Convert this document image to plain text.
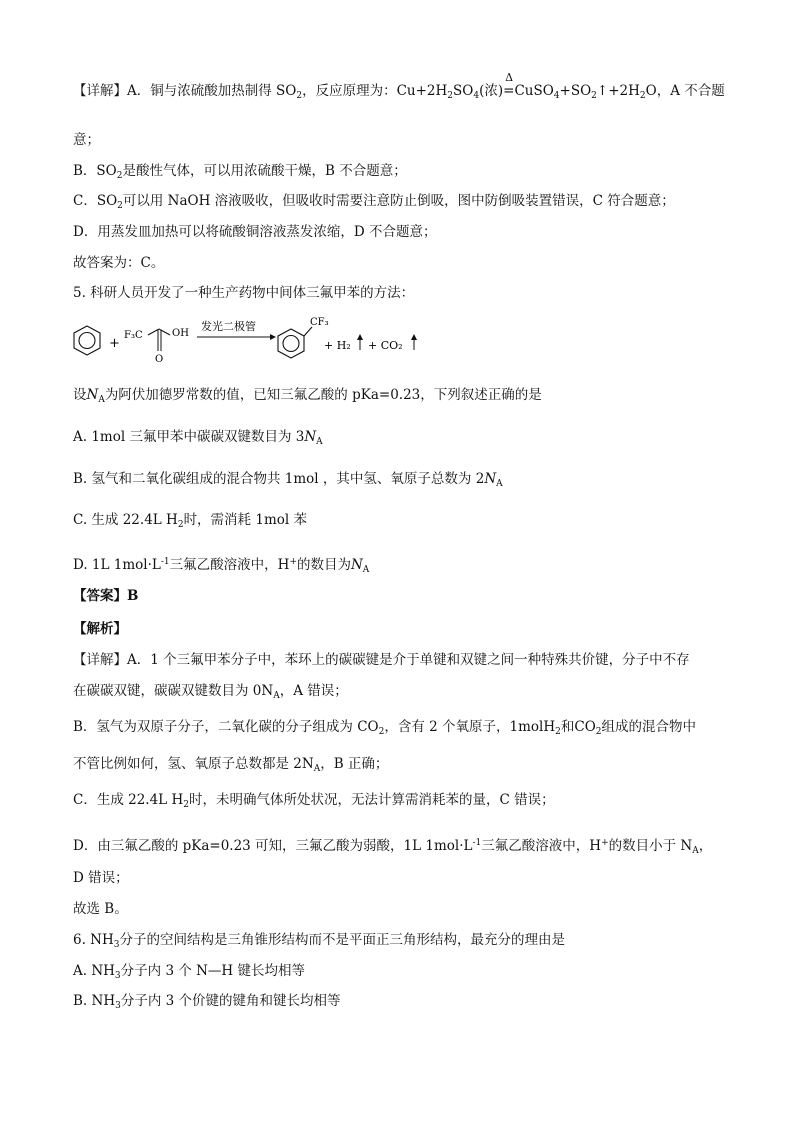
【详解】A．铜与浓硫酸加热制得 $SO_2$，反应原理为：$Cu+2H_2SO_4$(浓)
Δ
$=CuSO_4+SO_2↑+2H_2O$，A 不合题
意；
B．$SO_2$是酸性气体，可以用浓硫酸干燥，B 不合题意；
C．$SO_2$可以用 NaOH 溶液吸收，但吸收时需要注意防止倒吸，图中防倒吸装置错误，C 符合题意；
D．用蒸发皿加热可以将硫酸铜溶液蒸发浓缩，D 不合题意；
故答案为：C。
5. 科研人员开发了一种生产药物中间体三氟甲苯的方法：
+
F₃C	OH
O
发光二极管	CF₃
+ H₂ + CO₂
设$N_A$为阿伏加德罗常数的值，已知三氟乙酸的 pKa=0.23，下列叙述正确的是
A. 1mol 三氟甲苯中碳碳双键数目为 $3N_A$
B. 氢气和二氧化碳组成的混合物共 1mol ，其中氢、氧原子总数为 $2N_A$
C. 生成 22.4L $H_2$时，需消耗 1mol 苯
D. 1L $1mol\cdot L^{-1}$三氟乙酸溶液中，H+的数目为$N_A$
【答案】B
【解析】
【详解】A．1 个三氟甲苯分子中，苯环上的碳碳键是介于单键和双键之间一种特殊共价键，分子中不存
在碳碳双键，碳碳双键数目为 $0N_A$，A 错误；
B．氢气为双原子分子，二氧化碳的分子组成为 $CO_2$，含有 2 个氧原子，1molH$_2$和$CO_2$组成的混合物中
不管比例如何，氢、氧原子总数都是 $2N_A$，B 正确；
C．生成 22.4L $H_2$时，未明确气体所处状况，无法计算需消耗苯的量，C 错误；
D．由三氟乙酸的 pKa=0.23 可知，三氟乙酸为弱酸，1L $1mol\cdot L^{-1}$三氟乙酸溶液中，H+的数目小于 $N_A$，
D 错误；
故选 B。
6. $NH_3$分子的空间结构是三角锥形结构而不是平面正三角形结构，最充分的理由是
A. $NH_3$分子内 3 个 N—H 键长均相等
B. $NH_3$分子内 3 个价键的键角和键长均相等
